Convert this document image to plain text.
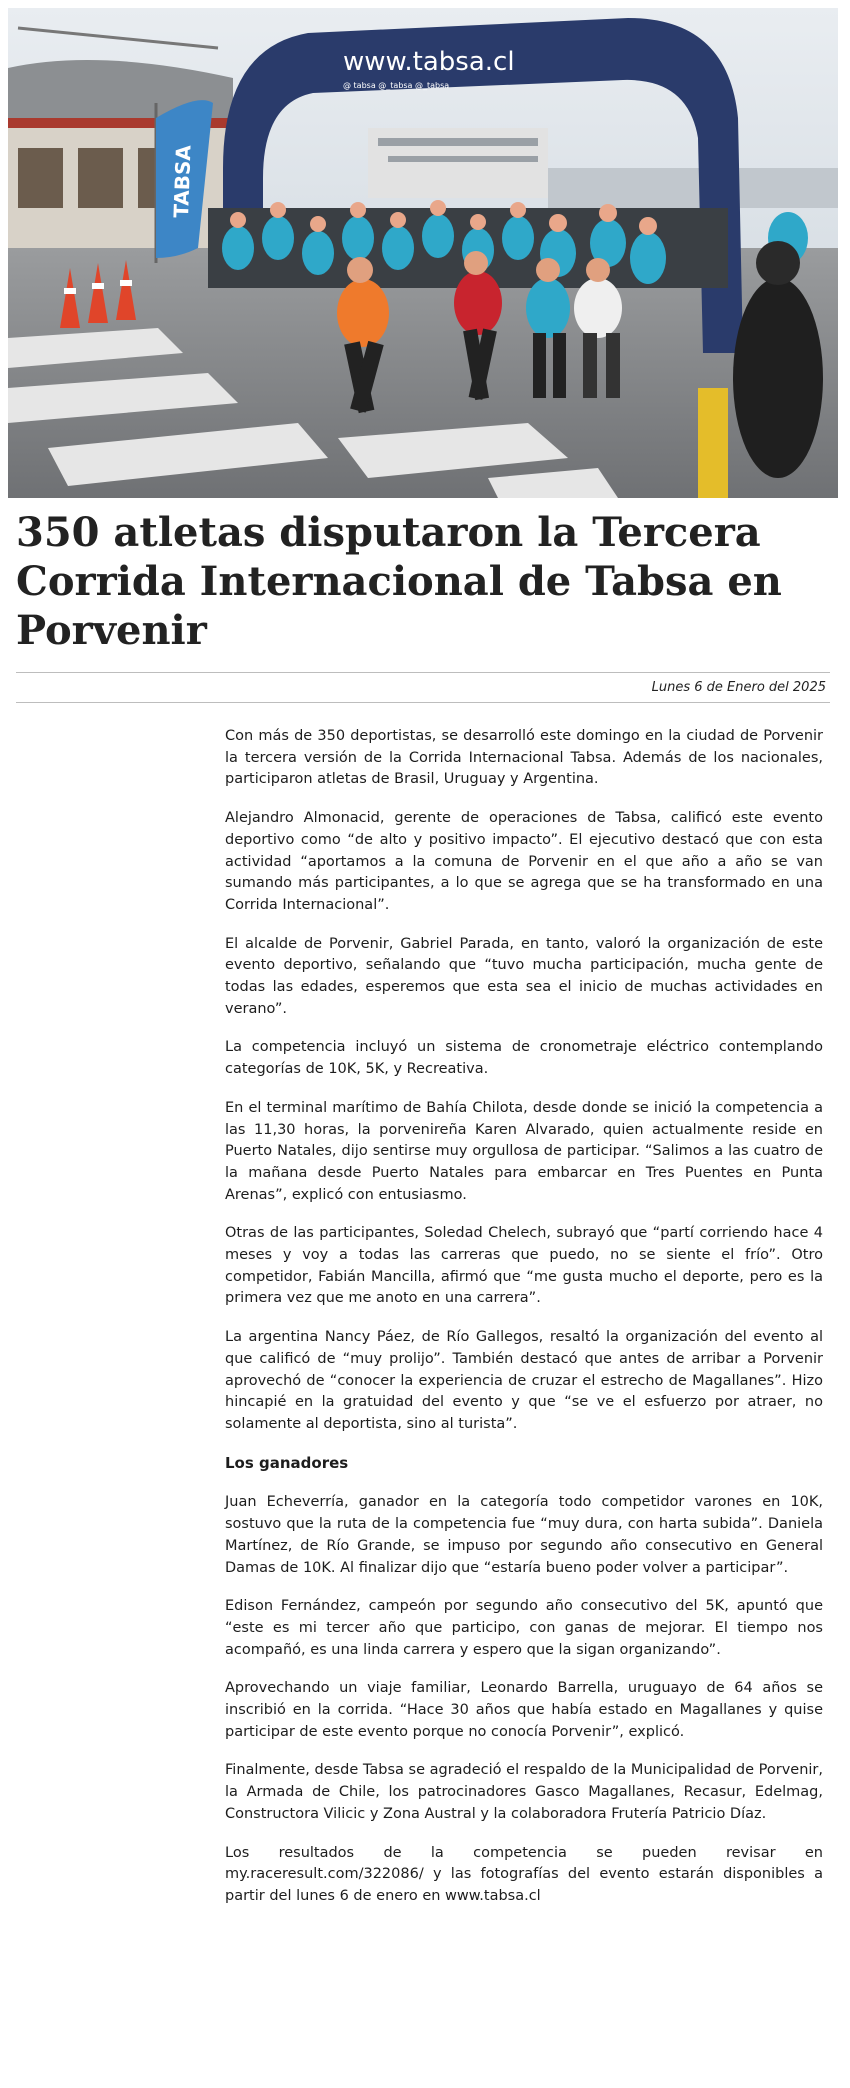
TABSA
www.tabsa.cl
@ tabsa @_tabsa @_tabsa
350 atletas disputaron la Tercera Corrida Internacional de Tabsa en Porvenir
Lunes 6 de Enero del 2025

Con más de 350 deportistas, se desarrolló este domingo en la ciudad de Porvenir la tercera versión de la Corrida Internacional Tabsa. Además de los nacionales, participaron atletas de Brasil, Uruguay y Argentina.

Alejandro Almonacid, gerente de operaciones de Tabsa, calificó este evento deportivo como “de alto y positivo impacto”. El ejecutivo destacó que con esta actividad “aportamos a la comuna de Porvenir en el que año a año se van sumando más participantes, a lo que se agrega que se ha transformado en una Corrida Internacional”.

El alcalde de Porvenir, Gabriel Parada, en tanto, valoró la organización de este evento deportivo, señalando que “tuvo mucha participación, mucha gente de todas las edades, esperemos que esta sea el inicio de muchas actividades en verano”.

La competencia incluyó un sistema de cronometraje eléctrico contemplando categorías de 10K, 5K, y Recreativa.

En el terminal marítimo de Bahía Chilota, desde donde se inició la competencia a las 11,30 horas, la porvenireña Karen Alvarado, quien actualmente reside en Puerto Natales, dijo sentirse muy orgullosa de participar. “Salimos a las cuatro de la mañana desde Puerto Natales para embarcar en Tres Puentes en Punta Arenas”, explicó con entusiasmo.

Otras de las participantes, Soledad Chelech, subrayó que “partí corriendo hace 4 meses y voy a todas las carreras que puedo, no se siente el frío”. Otro competidor, Fabián Mancilla, afirmó que “me gusta mucho el deporte, pero es la primera vez que me anoto en una carrera”.

La argentina Nancy Páez, de Río Gallegos, resaltó la organización del evento al que calificó de “muy prolijo”. También destacó que antes de arribar a Porvenir aprovechó de “conocer la experiencia de cruzar el estrecho de Magallanes”. Hizo hincapié en la gratuidad del evento y que “se ve el esfuerzo por atraer, no solamente al deportista, sino al turista”.

Los ganadores

Juan Echeverría, ganador en la categoría todo competidor varones en 10K, sostuvo que la ruta de la competencia fue “muy dura, con harta subida”. Daniela Martínez, de Río Grande, se impuso por segundo año consecutivo en General Damas de 10K. Al finalizar dijo que “estaría bueno poder volver a participar”.

Edison Fernández, campeón por segundo año consecutivo del 5K, apuntó que “este es mi tercer año que participo, con ganas de mejorar. El tiempo nos acompañó, es una linda carrera y espero que la sigan organizando”.

Aprovechando un viaje familiar, Leonardo Barrella, uruguayo de 64 años se inscribió en la corrida. “Hace 30 años que había estado en Magallanes y quise participar de este evento porque no conocía Porvenir”, explicó.

Finalmente, desde Tabsa se agradeció el respaldo de la Municipalidad de Porvenir, la Armada de Chile, los patrocinadores Gasco Magallanes, Recasur, Edelmag, Constructora Vilicic y Zona Austral y la colaboradora Frutería Patricio Díaz.

Los resultados de la competencia se pueden revisar en my.raceresult.com/322086/ y las fotografías del evento estarán disponibles a partir del lunes 6 de enero en www.tabsa.cl
